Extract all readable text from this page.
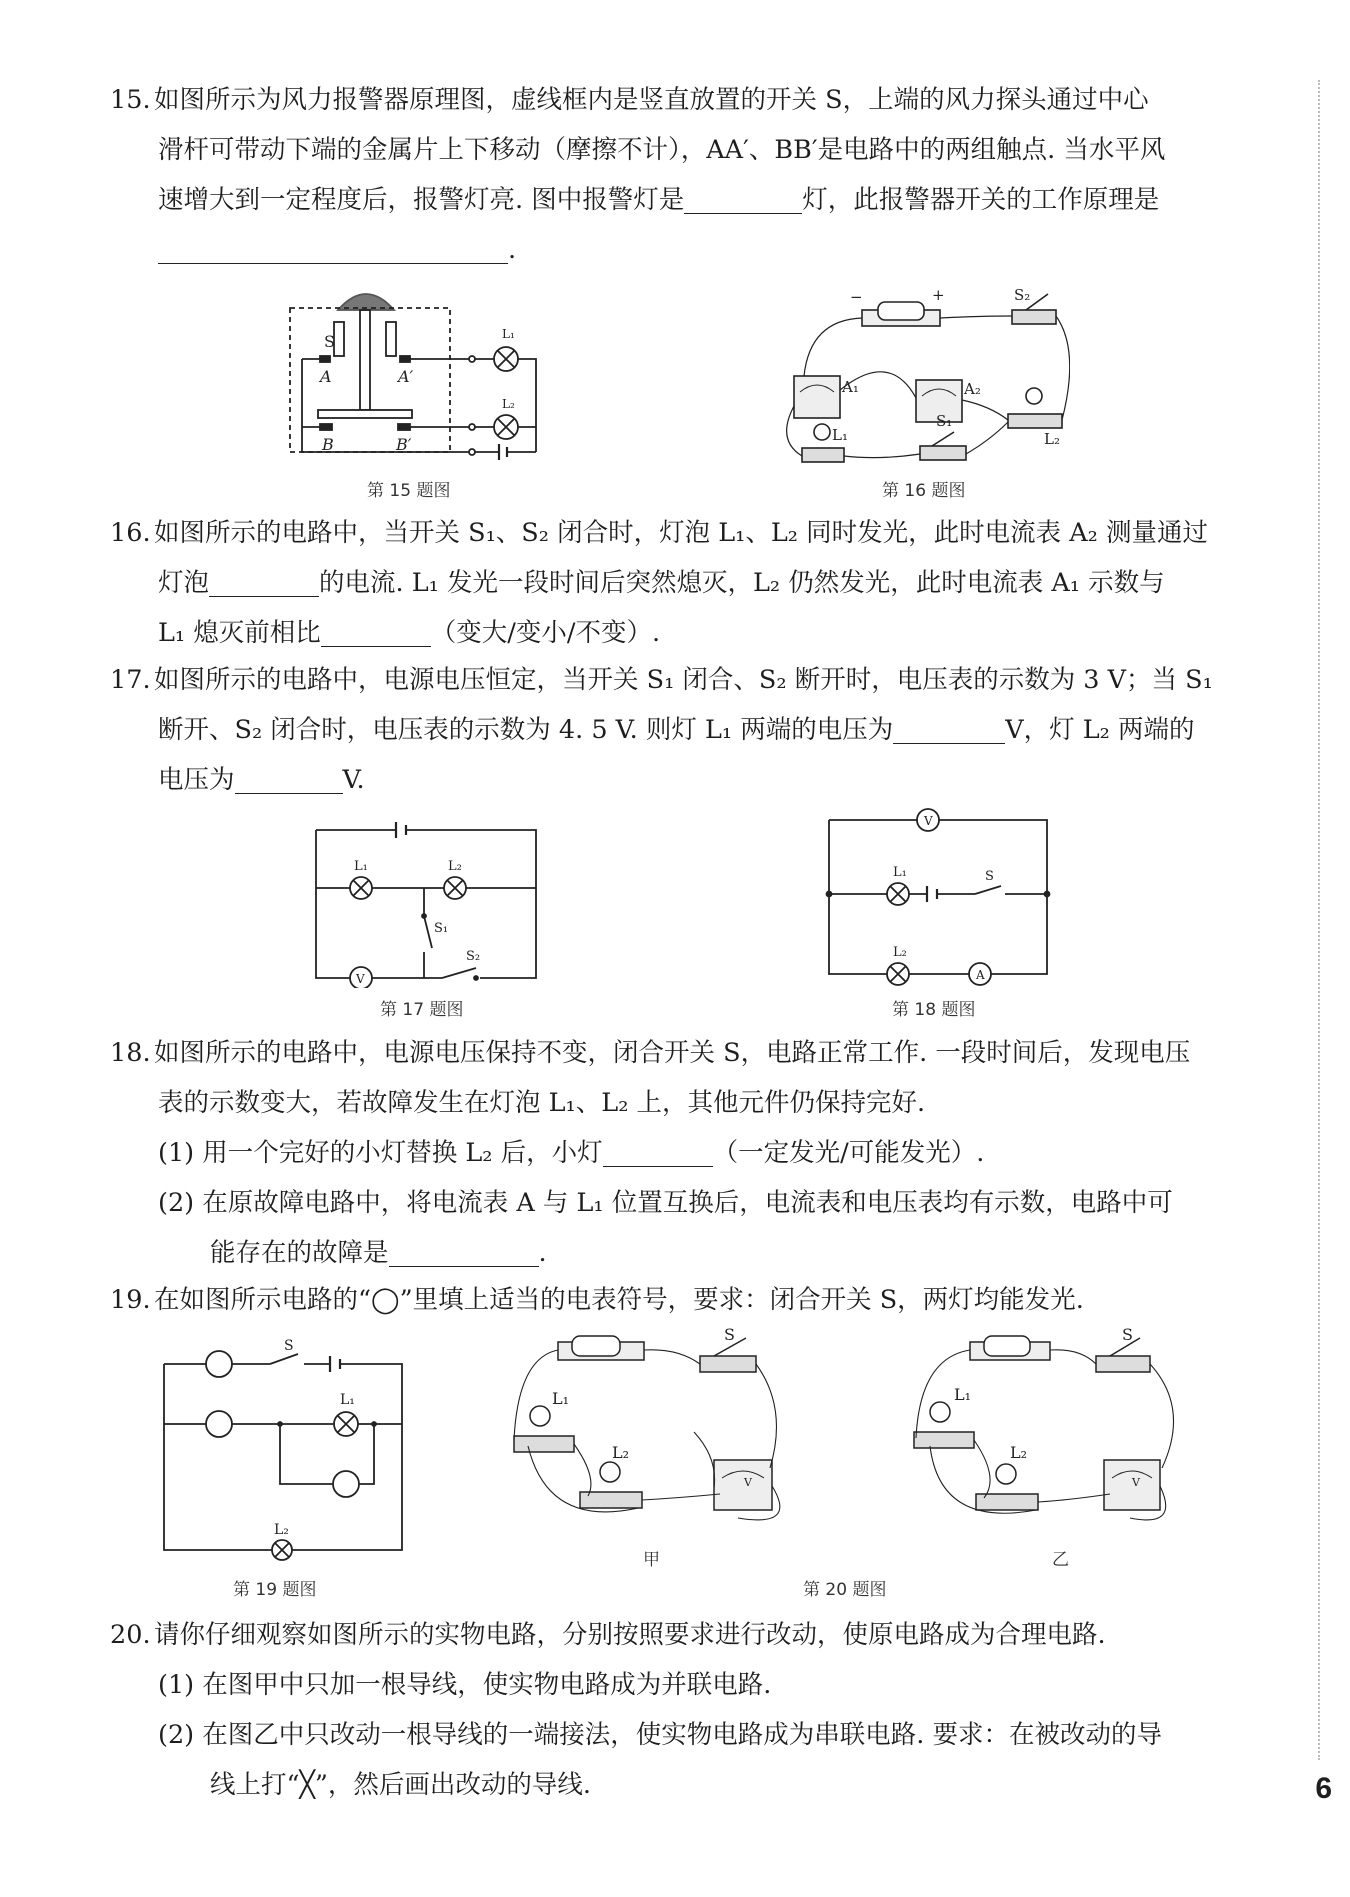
15. 如图所示为风力报警器原理图，虚线框内是竖直放置的开关 S，上端的风力探头通过中心
滑杆可带动下端的金属片上下移动（摩擦不计），AA′、BB′是电路中的两组触点. 当水平风
速增大到一定程度后，报警灯亮. 图中报警灯是	灯，此报警器开关的工作原理是
.
S
A	A′
B	B′
L₁
L₂
第 15 题图
−	+	S₂
A₁	A₂
L₁
S₁
L₂
第 16 题图
16. 如图所示的电路中，当开关 S₁、S₂ 闭合时，灯泡 L₁、L₂ 同时发光，此时电流表 A₂ 测量通过
灯泡	的电流. L₁ 发光一段时间后突然熄灭，L₂ 仍然发光，此时电流表 A₁ 示数与
L₁ 熄灭前相比	（变大/变小/不变）.
17. 如图所示的电路中，电源电压恒定，当开关 S₁ 闭合、S₂ 断开时，电压表的示数为 3 V；当 S₁
断开、S₂ 闭合时，电压表的示数为 4. 5 V. 则灯 L₁ 两端的电压为	V，灯 L₂ 两端的
电压为	V.
L₁	L₂
S₁
S₂
V
第 17 题图
V
L₁	S
L₂
A
第 18 题图
18. 如图所示的电路中，电源电压保持不变，闭合开关 S，电路正常工作. 一段时间后，发现电压
表的示数变大，若故障发生在灯泡 L₁、L₂ 上，其他元件仍保持完好.
(1) 用一个完好的小灯替换 L₂ 后，小灯	（一定发光/可能发光）.
(2) 在原故障电路中，将电流表 A 与 L₁ 位置互换后，电流表和电压表均有示数，电路中可
能存在的故障是	.
19. 在如图所示电路的“◯”里填上适当的电表符号，要求：闭合开关 S，两灯均能发光.
S
L₁
L₂
第 19 题图
S
L₁
L₂
V
甲
S
L₁
L₂
V
乙
第 20 题图
20. 请你仔细观察如图所示的实物电路，分别按照要求进行改动，使原电路成为合理电路.
(1) 在图甲中只加一根导线，使实物电路成为并联电路.
(2) 在图乙中只改动一根导线的一端接法，使实物电路成为串联电路. 要求：在被改动的导
线上打“╳”，然后画出改动的导线.	6
